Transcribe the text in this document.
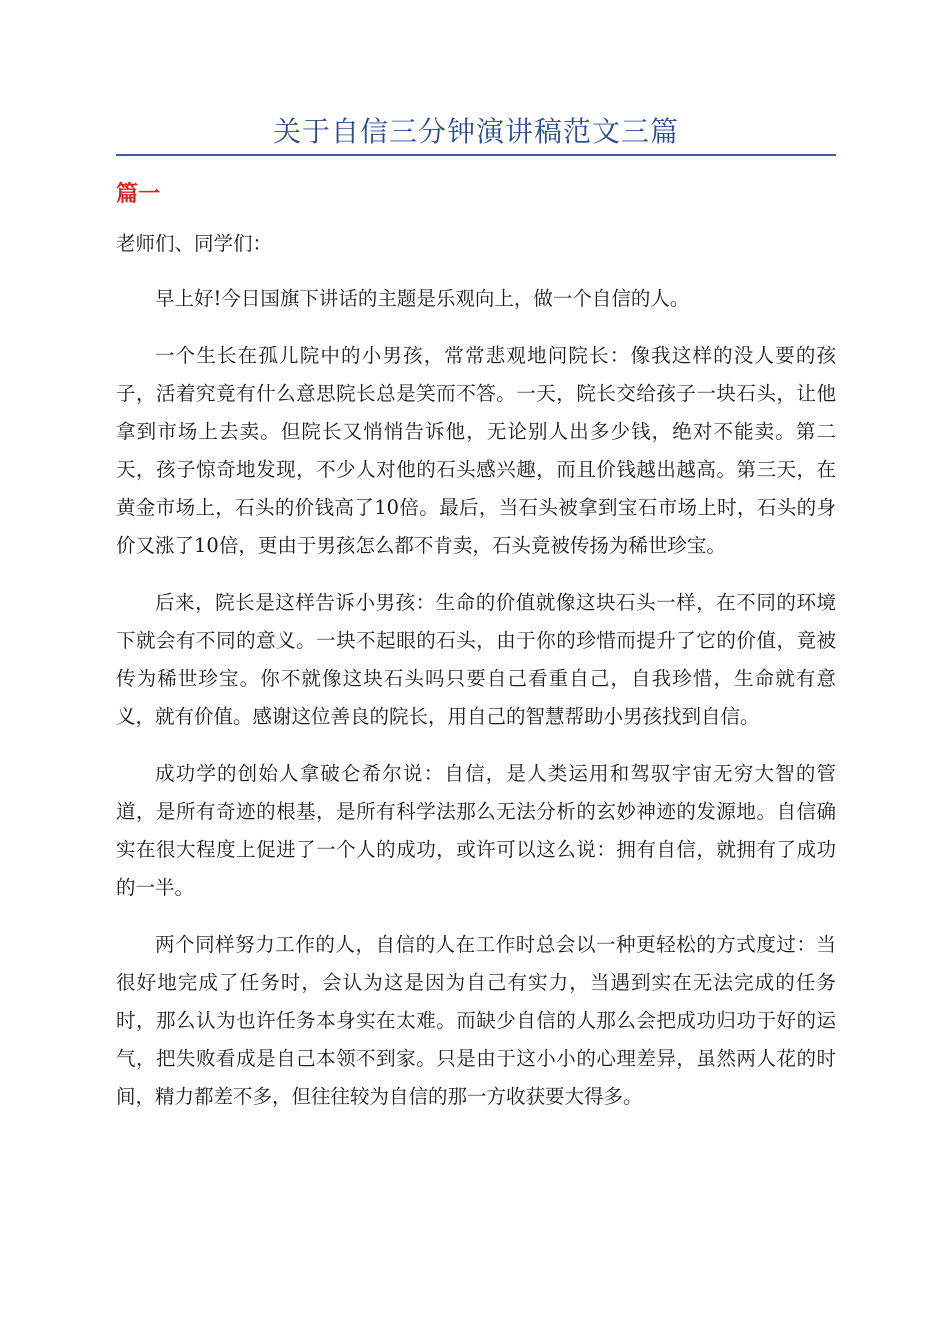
关于自信三分钟演讲稿范文三篇
篇一

老师们、同学们：

早上好!今日国旗下讲话的主题是乐观向上，做一个自信的人。

一个生长在孤儿院中的小男孩，常常悲观地问院长：像我这样的没人要的孩子，活着究竟有什么意思院长总是笑而不答。一天，院长交给孩子一块石头，让他拿到市场上去卖。但院长又悄悄告诉他，无论别人出多少钱，绝对不能卖。第二天，孩子惊奇地发现，不少人对他的石头感兴趣，而且价钱越出越高。第三天，在黄金市场上，石头的价钱高了10倍。最后，当石头被拿到宝石市场上时，石头的身价又涨了10倍，更由于男孩怎么都不肯卖，石头竟被传扬为稀世珍宝。

后来，院长是这样告诉小男孩：生命的价值就像这块石头一样，在不同的环境下就会有不同的意义。一块不起眼的石头，由于你的珍惜而提升了它的价值，竟被传为稀世珍宝。你不就像这块石头吗只要自己看重自己，自我珍惜，生命就有意义，就有价值。感谢这位善良的院长，用自己的智慧帮助小男孩找到自信。

成功学的创始人拿破仑希尔说：自信，是人类运用和驾驭宇宙无穷大智的管道，是所有奇迹的根基，是所有科学法那么无法分析的玄妙神迹的发源地。自信确实在很大程度上促进了一个人的成功，或许可以这么说：拥有自信，就拥有了成功的一半。

两个同样努力工作的人，自信的人在工作时总会以一种更轻松的方式度过：当很好地完成了任务时，会认为这是因为自己有实力，当遇到实在无法完成的任务时，那么认为也许任务本身实在太难。而缺少自信的人那么会把成功归功于好的运气，把失败看成是自己本领不到家。只是由于这小小的心理差异，虽然两人花的时间，精力都差不多，但往往较为自信的那一方收获要大得多。
